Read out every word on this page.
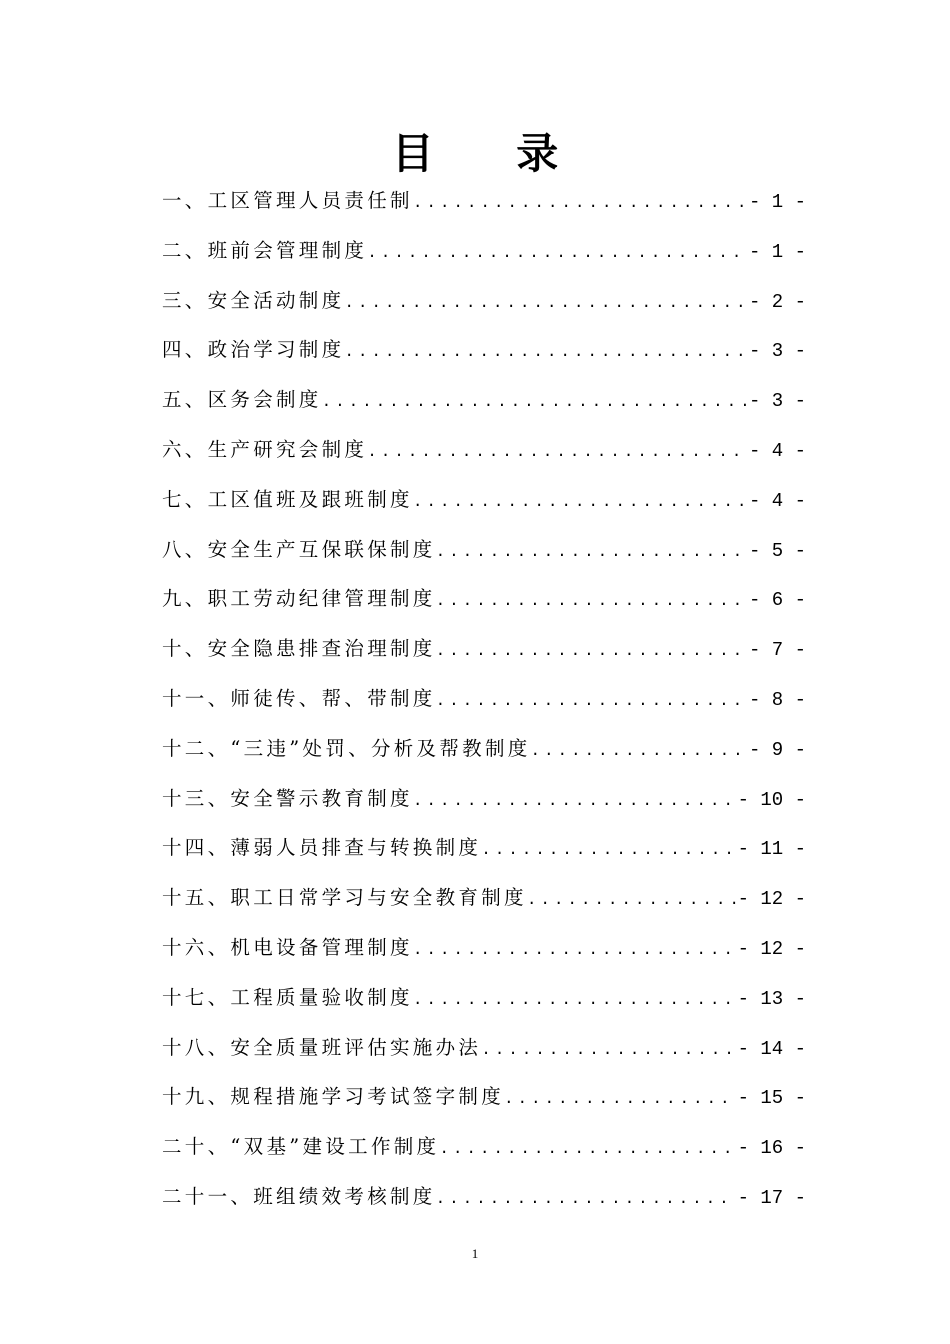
目 录
一、工区管理人员责任制 .....	- 1 -
二、班前会管理制度 .....	- 1 -
三、安全活动制度 .....	- 2 -
四、政治学习制度 .....	- 3 -
五、区务会制度 .....	- 3 -
六、生产研究会制度 .....	- 4 -
七、工区值班及跟班制度 .....	- 4 -
八、安全生产互保联保制度 .....	- 5 -
九、职工劳动纪律管理制度 .....	- 6 -
十、安全隐患排查治理制度 .....	- 7 -
十一、师徒传、帮、带制度 .....	- 8 -
十二、“三违”处罚、分析及帮教制度 .....	- 9 -
十三、安全警示教育制度 .....	- 10 -
十四、薄弱人员排查与转换制度 .....	- 11 -
十五、职工日常学习与安全教育制度 .....	- 12 -
十六、机电设备管理制度 .....	- 12 -
十七、工程质量验收制度 .....	- 13 -
十八、安全质量班评估实施办法 .....	- 14 -
十九、规程措施学习考试签字制度 .....	- 15 -
二十、“双基”建设工作制度 .....	- 16 -
二十一、班组绩效考核制度 .....	- 17 -
1
